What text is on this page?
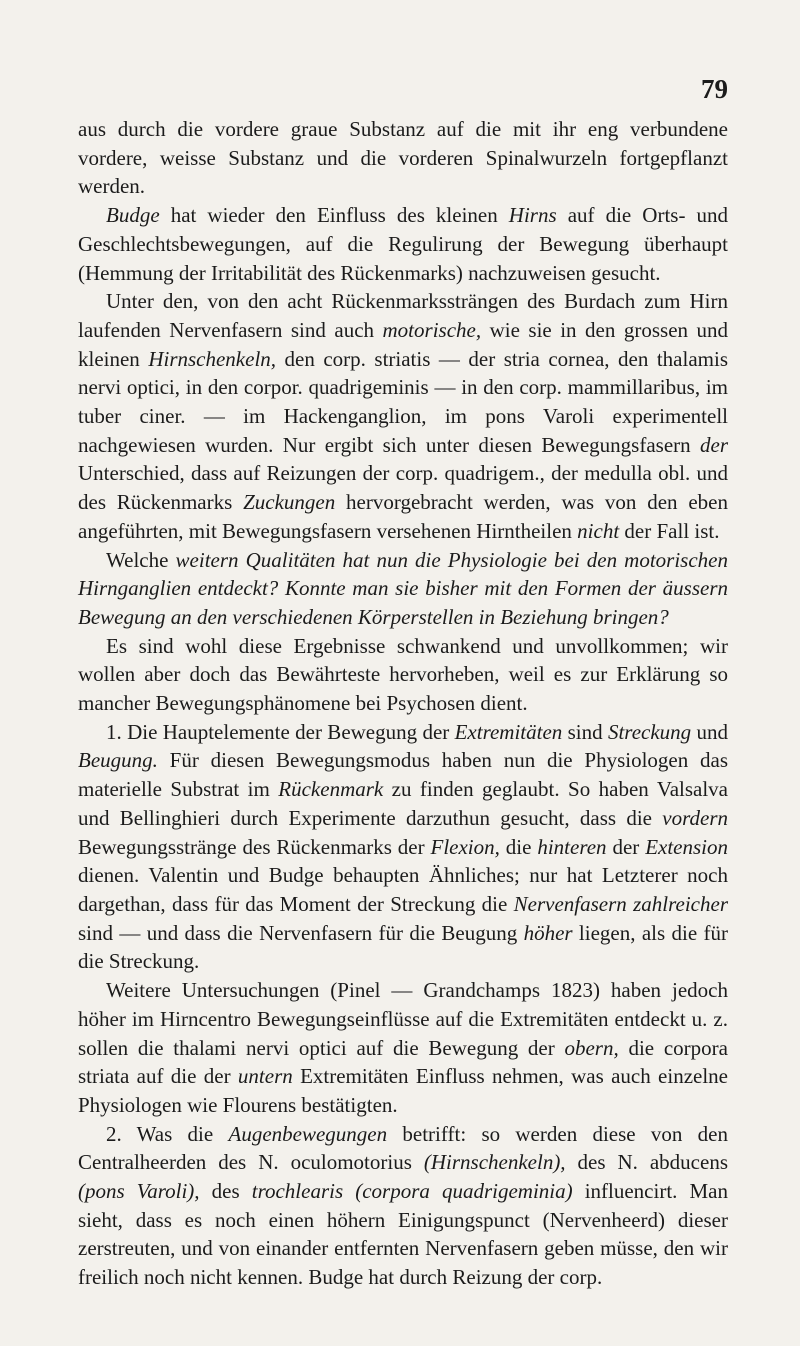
79

aus durch die vordere graue Substanz auf die mit ihr eng verbundene vordere, weisse Substanz und die vorderen Spinalwurzeln fortgepflanzt werden.

Budge hat wieder den Einfluss des kleinen Hirns auf die Orts- und Geschlechtsbewegungen, auf die Regulirung der Bewegung überhaupt (Hemmung der Irritabilität des Rückenmarks) nachzuweisen gesucht.

Unter den, von den acht Rückenmarkssträngen des Burdach zum Hirn laufenden Nervenfasern sind auch motorische, wie sie in den grossen und kleinen Hirnschenkeln, den corp. striatis — der stria cornea, den thalamis nervi optici, in den corpor. quadrigeminis — in den corp. mammillaribus, im tuber ciner. — im Hackenganglion, im pons Varoli experimentell nachgewiesen wurden. Nur ergibt sich unter diesen Bewegungsfasern der Unterschied, dass auf Reizungen der corp. quadrigem., der medulla obl. und des Rückenmarks Zuckungen hervorgebracht werden, was von den eben angeführten, mit Bewegungsfasern versehenen Hirntheilen nicht der Fall ist.

Welche weitern Qualitäten hat nun die Physiologie bei den motorischen Hirnganglien entdeckt? Konnte man sie bisher mit den Formen der äussern Bewegung an den verschiedenen Körperstellen in Beziehung bringen?

Es sind wohl diese Ergebnisse schwankend und unvollkommen; wir wollen aber doch das Bewährteste hervorheben, weil es zur Erklärung so mancher Bewegungsphänomene bei Psychosen dient.

1. Die Hauptelemente der Bewegung der Extremitäten sind Streckung und Beugung. Für diesen Bewegungsmodus haben nun die Physiologen das materielle Substrat im Rückenmark zu finden geglaubt. So haben Valsalva und Bellinghieri durch Experimente darzuthun gesucht, dass die vordern Bewegungsstränge des Rückenmarks der Flexion, die hinteren der Extension dienen. Valentin und Budge behaupten Ähnliches; nur hat Letzterer noch dargethan, dass für das Moment der Streckung die Nervenfasern zahlreicher sind — und dass die Nervenfasern für die Beugung höher liegen, als die für die Streckung.

Weitere Untersuchungen (Pinel — Grandchamps 1823) haben jedoch höher im Hirncentro Bewegungseinflüsse auf die Extremitäten entdeckt u. z. sollen die thalami nervi optici auf die Bewegung der obern, die corpora striata auf die der untern Extremitäten Einfluss nehmen, was auch einzelne Physiologen wie Flourens bestätigten.

2. Was die Augenbewegungen betrifft: so werden diese von den Centralheerden des N. oculomotorius (Hirnschenkeln), des N. abducens (pons Varoli), des trochlearis (corpora quadrigeminia) influencirt. Man sieht, dass es noch einen höhern Einigungspunct (Nervenheerd) dieser zerstreuten, und von einander entfernten Nervenfasern geben müsse, den wir freilich noch nicht kennen. Budge hat durch Reizung der corp.
